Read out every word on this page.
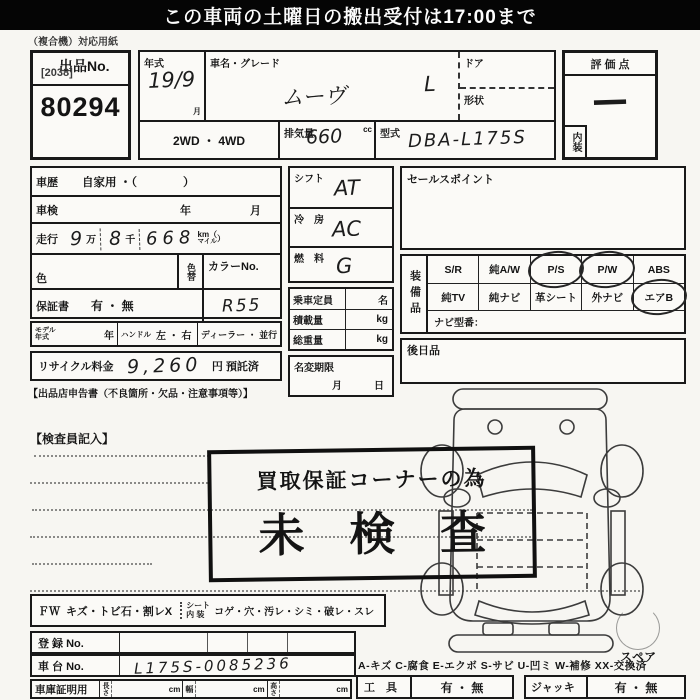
この車両の土曜日の搬出受付は17:00まで
（複合機）対応用紙
出品No.
[2038]
80294
年式
19/9
月
車名・グレード
ムーヴ	L
ドア
形状
2WD ・ 4WD	排気量
660	cc 型式 DBA-L175S
評 価 点
—
内装
車歴 自家用 ・（　　　　）
車検	年	月
走行 9 万 8 千 668 km（
マイル ）
色	色替	カラーNo.
保証書 有 ・ 無	R55
モデル
年式	年 ハンドル 左 ・ 右 ディーラー ・ 並行
リサイクル料金 9,260 円 預託済
【出品店申告書（不良箇所・欠品・注意事項等）】
シフト AT
冷　房 AC
燃　料 G
乗車定員	名
積載量	kg
総重量	kg
名変期限
月	日
セールスポイント
装備品
S/R	純A/W	P/S	P/W	ABS
純TV 純ナビ 革シート 外ナビ エアB
ナビ型番：
後日品
【検査員記入】
買取保証コーナーの為
未 検 査
スペア
ＦＷ キズ・トビ石・割レX
シート
内 装 コゲ・穴・汚レ・シミ・破レ・スレ
登 録 No.
車 台 No.	L175S-0085236
車庫証明用	長さ	cm 幅	cm 高さ	cm
A-キズ C-腐食 E-エクボ S-サビ U-凹ミ W-補修 XX-交換済
工　具	有 ・ 無	ジャッキ	有 ・ 無
